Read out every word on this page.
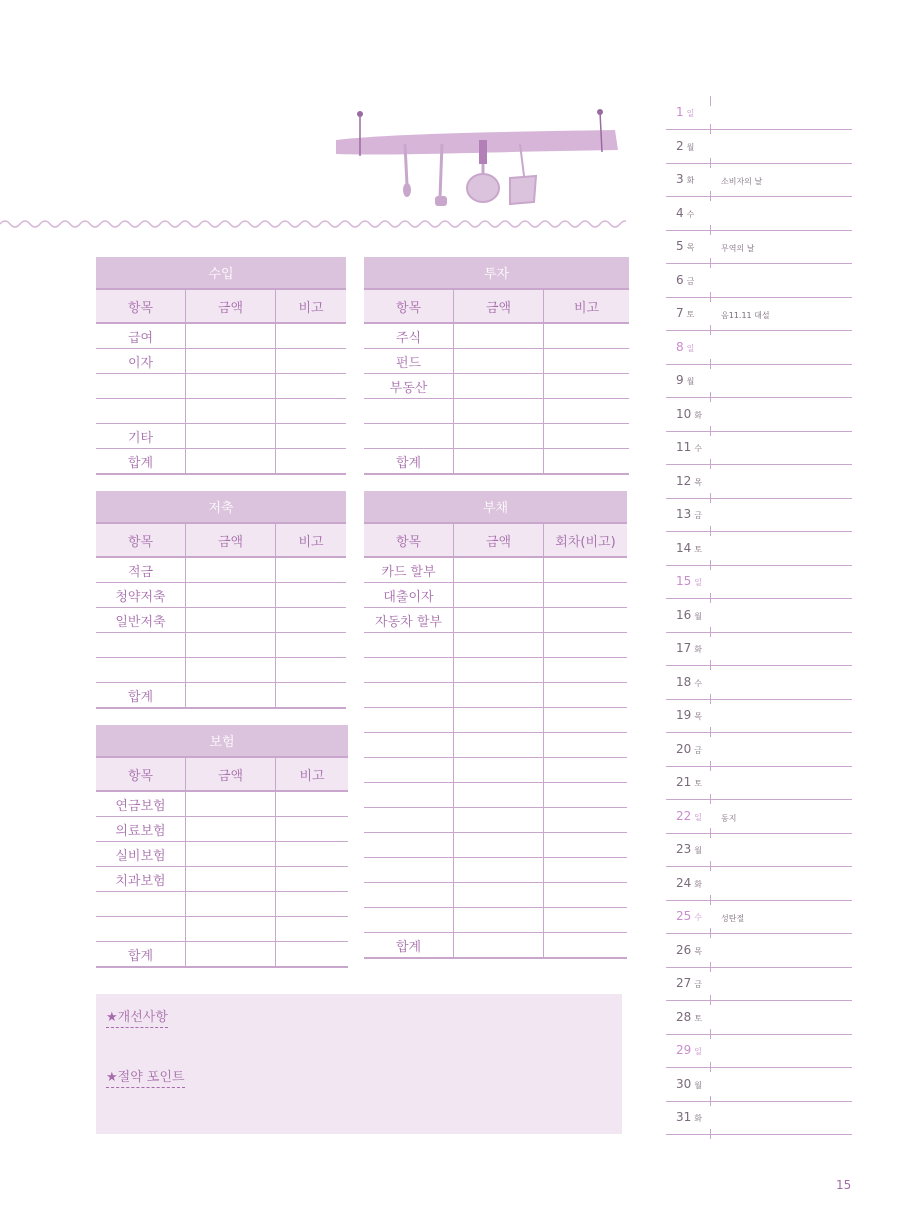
수입
항목	금액	비고
급여
이자
기타
합계
투자
항목	금액	비고
주식
펀드
부동산
합계
저축
항목	금액	비고
적금
청약저축
일반저축
합계
부채
항목	금액	회차(비고)
카드 할부
대출이자
자동차 할부
합계
보험
항목	금액	비고
연금보험
의료보험
실비보험
치과보험
합계
★개선사항
★절약 포인트
1 일
2 월
3 화	소비자의 날
4 수
5 목	무역의 날
6 금
7 토	음11.11 대설
8 일
9 월
10 화
11 수
12 목
13 금
14 토
15 일
16 월
17 화
18 수
19 목
20 금
21 토
22 일 동지
23 월
24 화
25 수 성탄절
26 목
27 금
28 토
29 일
30 월
31 화
15
